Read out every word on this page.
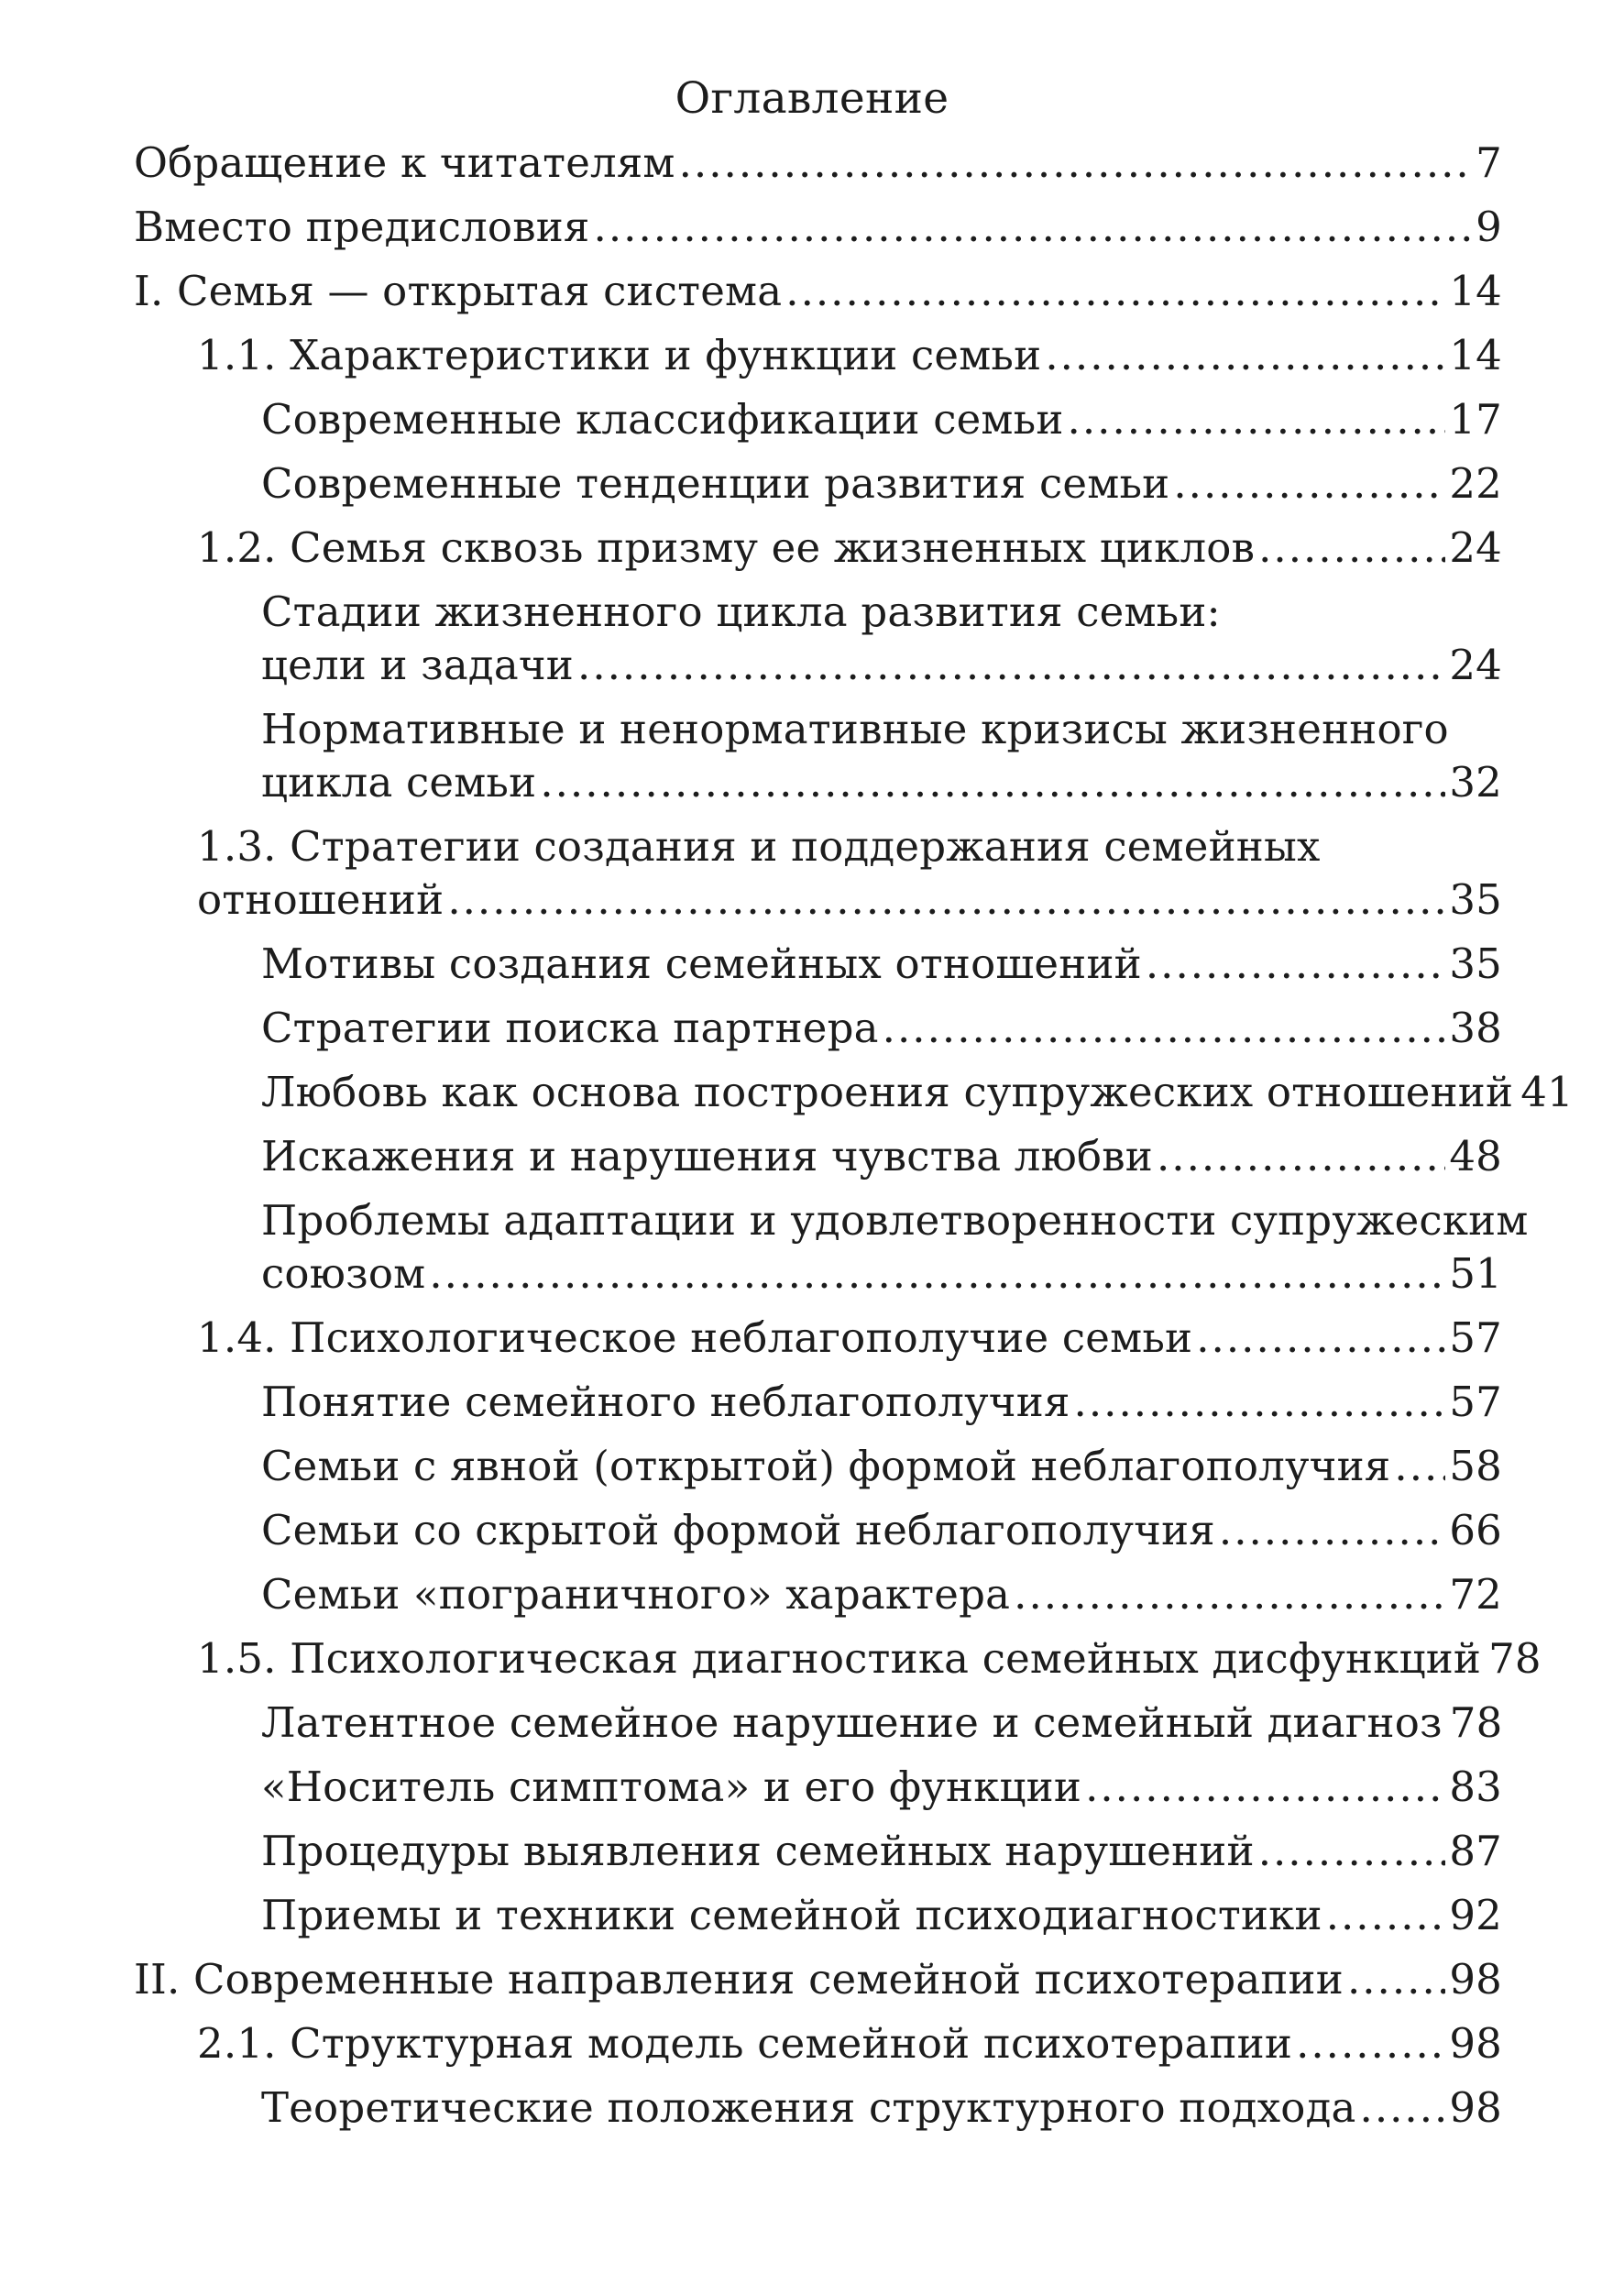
Оглавление
Обращение к читателям .....	7
Вместо предисловия .....	9
I. Семья — открытая система .....	14
1.1. Характеристики и функции семьи .....	14
Современные классификации семьи .....	17
Современные тенденции развития семьи .....	22
1.2. Семья сквозь призму ее жизненных циклов .....	24
Стадии жизненного цикла развития семьи:
цели и задачи .....	24
Нормативные и ненормативные кризисы жизненного
цикла семьи .....	32
1.3. Стратегии создания и поддержания семейных
отношений .....	35
Мотивы создания семейных отношений .....	35
Стратегии поиска партнера .....	38
Любовь как основа построения супружеских отношений 41
Искажения и нарушения чувства любви .....	48
Проблемы адаптации и удовлетворенности супружеским
союзом .....	51
1.4. Психологическое неблагополучие семьи .....	57
Понятие семейного неблагополучия .....	57
Семьи с явной (открытой) формой неблагополучия ..... 58
Семьи со скрытой формой неблагополучия .....	66
Семьи «пограничного» характера .....	72
1.5. Психологическая диагностика семейных дисфункций 78
Латентное семейное нарушение и семейный диагноз 78
«Носитель симптома» и его функции .....	83
Процедуры выявления семейных нарушений .....	87
Приемы и техники семейной психодиагностики .....	92
II. Современные направления семейной психотерапии .....	98
2.1. Структурная модель семейной психотерапии .....	98
Теоретические положения структурного подхода ..... 98
